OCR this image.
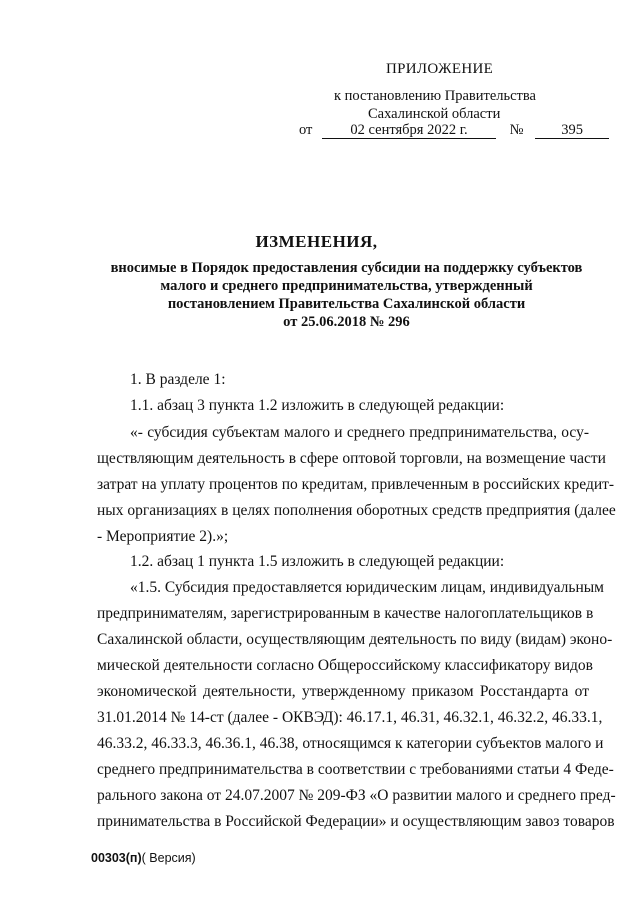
ПРИЛОЖЕНИЕ
к постановлению Правительства
Сахалинской области
от	02 сентября 2022 г.	№	395
ИЗМЕНЕНИЯ,
вносимые в Порядок предоставления субсидии на поддержку субъектов
малого и среднего предпринимательства, утвержденный
постановлением Правительства Сахалинской области
от 25.06.2018 № 296
1. В разделе 1:
1.1. абзац 3 пункта 1.2 изложить в следующей редакции:
«- субсидия субъектам малого и среднего предпринимательства, осу-
ществляющим деятельность в сфере оптовой торговли, на возмещение части
затрат на уплату процентов по кредитам, привлеченным в российских кредит-
ных организациях в целях пополнения оборотных средств предприятия (далее
- Мероприятие 2).»;
1.2. абзац 1 пункта 1.5 изложить в следующей редакции:
«1.5. Субсидия предоставляется юридическим лицам, индивидуальным
предпринимателям, зарегистрированным в качестве налогоплательщиков в
Сахалинской области, осуществляющим деятельность по виду (видам) эконо-
мической деятельности согласно Общероссийскому классификатору видов
экономической деятельности, утвержденному приказом Росстандарта от
31.01.2014 № 14-ст (далее - ОКВЭД): 46.17.1, 46.31, 46.32.1, 46.32.2, 46.33.1,
46.33.2, 46.33.3, 46.36.1, 46.38, относящимся к категории субъектов малого и
среднего предпринимательства в соответствии с требованиями статьи 4 Феде-
рального закона от 24.07.2007 № 209-ФЗ «О развитии малого и среднего пред-
принимательства в Российской Федерации» и осуществляющим завоз товаров
00303(п)( Версия)
